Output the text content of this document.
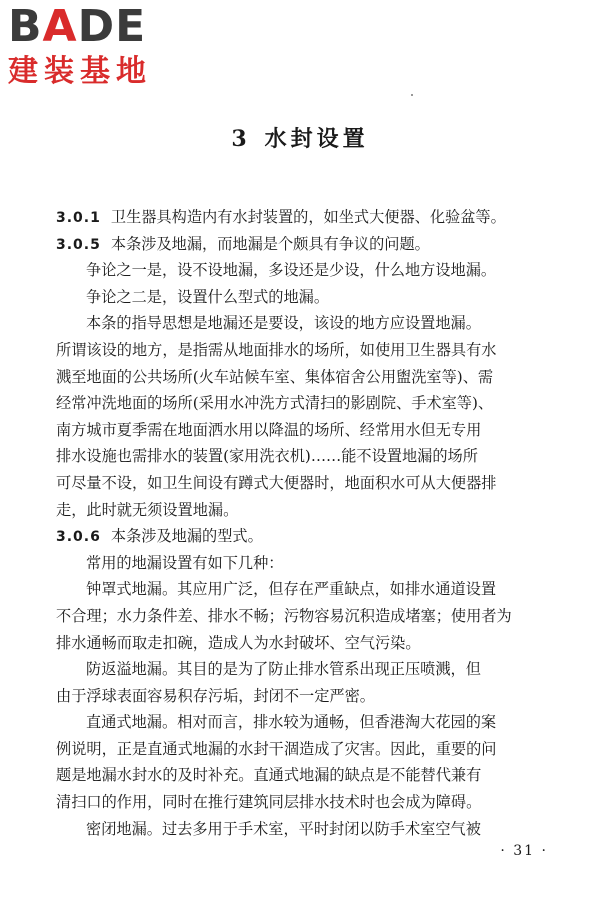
BADE
建装基地
3 水封设置
3.0.1 卫生器具构造内有水封装置的，如坐式大便器、化验盆等。
3.0.5 本条涉及地漏，而地漏是个颇具有争议的问题。
争论之一是，设不设地漏，多设还是少设，什么地方设地漏。
争论之二是，设置什么型式的地漏。
本条的指导思想是地漏还是要设，该设的地方应设置地漏。
所谓该设的地方，是指需从地面排水的场所，如使用卫生器具有水
溅至地面的公共场所(火车站候车室、集体宿舍公用盥洗室等)、需
经常冲洗地面的场所(采用水冲洗方式清扫的影剧院、手术室等)、
南方城市夏季需在地面洒水用以降温的场所、经常用水但无专用
排水设施也需排水的装置(家用洗衣机)……能不设置地漏的场所
可尽量不设，如卫生间设有蹲式大便器时，地面积水可从大便器排
走，此时就无须设置地漏。
3.0.6 本条涉及地漏的型式。
常用的地漏设置有如下几种：
钟罩式地漏。其应用广泛，但存在严重缺点，如排水通道设置
不合理；水力条件差、排水不畅；污物容易沉积造成堵塞；使用者为
排水通畅而取走扣碗，造成人为水封破坏、空气污染。
防返溢地漏。其目的是为了防止排水管系出现正压喷溅，但
由于浮球表面容易积存污垢，封闭不一定严密。
直通式地漏。相对而言，排水较为通畅，但香港淘大花园的案
例说明，正是直通式地漏的水封干涸造成了灾害。因此，重要的问
题是地漏水封水的及时补充。直通式地漏的缺点是不能替代兼有
清扫口的作用，同时在推行建筑同层排水技术时也会成为障碍。
密闭地漏。过去多用于手术室，平时封闭以防手术室空气被
· 31 ·
